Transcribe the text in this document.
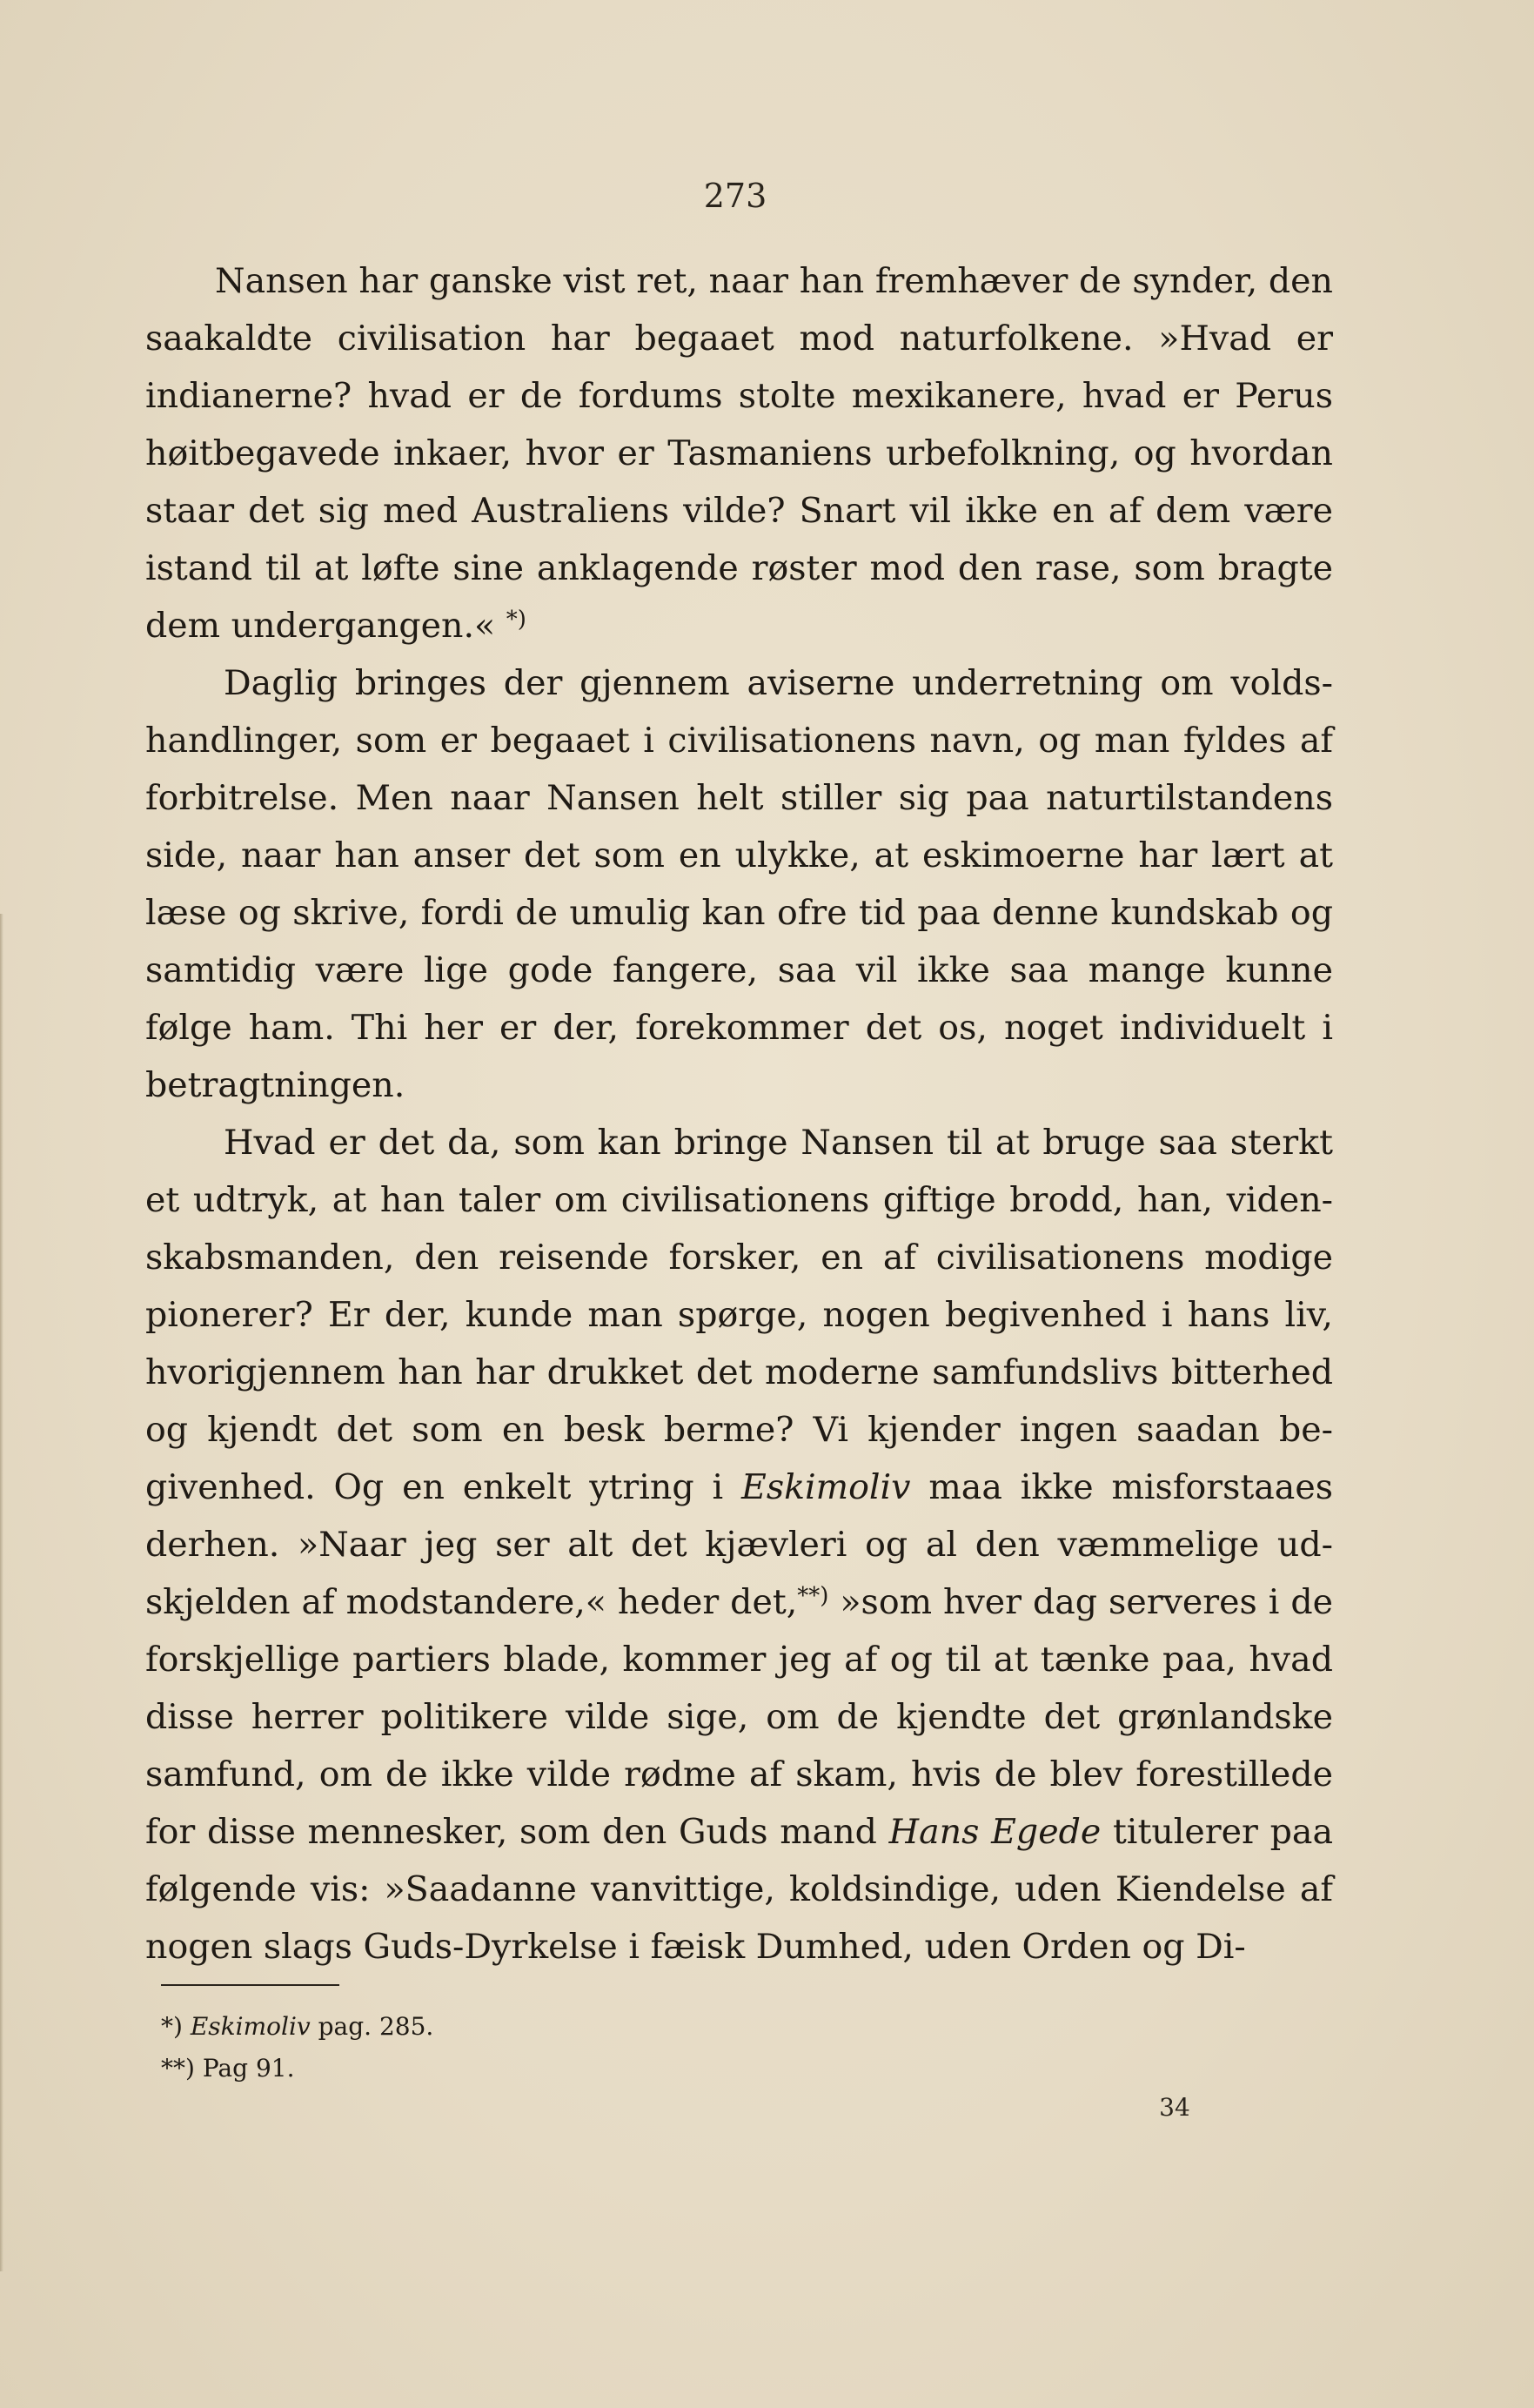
273

Nansen har ganske vist ret, naar han fremhæver de synder, den saakaldte civilisation har begaaet mod naturfolkene. »Hvad er indianerne? hvad er de fordums stolte mexikanere, hvad er Perus høitbegavede inkaer, hvor er Tasmaniens urbefolkning, og hvordan staar det sig med Australiens vilde? Snart vil ikke en af dem være istand til at løfte sine anklagende røster mod den rase, som bragte dem undergangen.« *)

Daglig bringes der gjennem aviserne underretning om voldshandlinger, som er begaaet i civilisationens navn, og man fyldes af forbitrelse. Men naar Nansen helt stiller sig paa naturtilstandens side, naar han anser det som en ulykke, at eskimoerne har lært at læse og skrive, fordi de umulig kan ofre tid paa denne kundskab og samtidig være lige gode fangere, saa vil ikke saa mange kunne følge ham. Thi her er der, forekommer det os, noget individuelt i betragtningen.

Hvad er det da, som kan bringe Nansen til at bruge saa sterkt et udtryk, at han taler om civilisationens giftige brodd, han, videnskabsmanden, den reisende forsker, en af civilisationens modige pionerer? Er der, kunde man spørge, nogen begivenhed i hans liv, hvorigjennem han har drukket det moderne samfundslivs bitterhed og kjendt det som en besk berme? Vi kjender ingen saadan begivenhed. Og en enkelt ytring i Eskimoliv maa ikke misforstaaes derhen. »Naar jeg ser alt det kjævleri og al den væmmelige udskjelden af modstandere,« heder det,**) »som hver dag serveres i de forskjellige partiers blade, kommer jeg af og til at tænke paa, hvad disse herrer politikere vilde sige, om de kjendte det grønlandske samfund, om de ikke vilde rødme af skam, hvis de blev forestillede for disse mennesker, som den Guds mand Hans Egede titulerer paa følgende vis: »Saadanne vanvittige, koldsindige, uden Kiendelse af nogen slags Guds-Dyrkelse i fæisk Dumhed, uden Orden og Di-

*) Eskimoliv pag. 285.
**) Pag 91.
34
